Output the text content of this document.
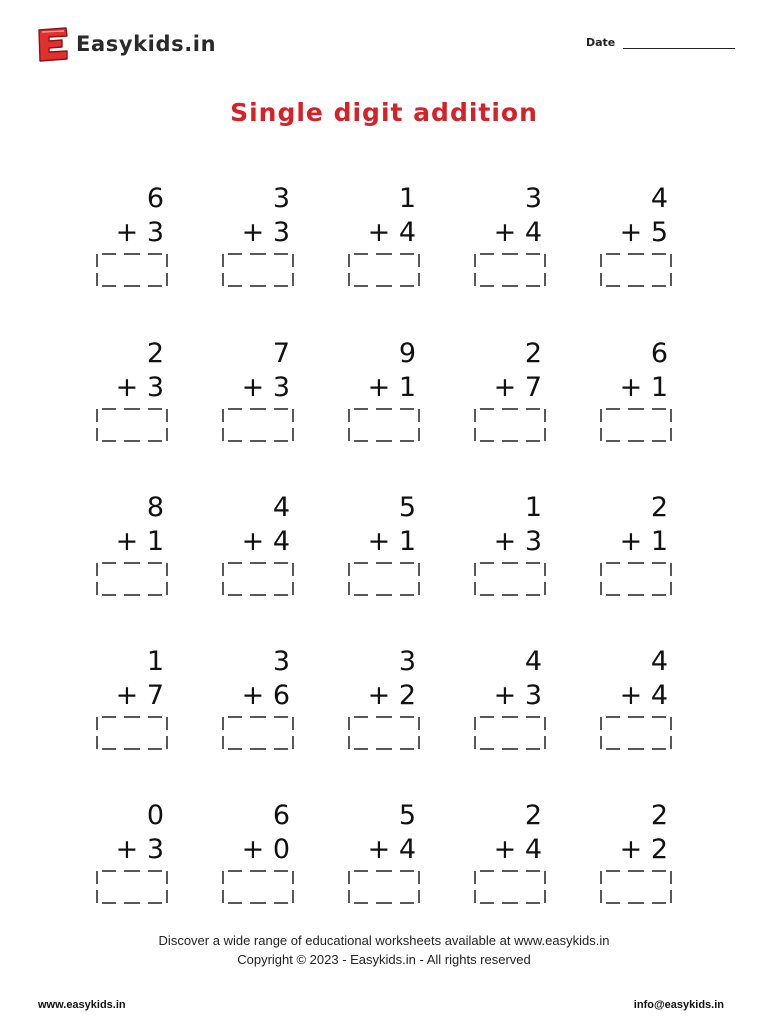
Easykids.in	Date
Single digit addition
6
+ 3
3
+ 3
1
+ 4
3
+ 4
4
+ 5
2
+ 3
7
+ 3
9
+ 1
2
+ 7
6
+ 1
8
+ 1
4
+ 4
5
+ 1
1
+ 3
2
+ 1
1
+ 7
3
+ 6
3
+ 2
4
+ 3
4
+ 4
0
+ 3
6
+ 0
5
+ 4
2
+ 4
2
+ 2
Discover a wide range of educational worksheets available at www.easykids.in
Copyright © 2023 - Easykids.in - All rights reserved
www.easykids.in	info@easykids.in
